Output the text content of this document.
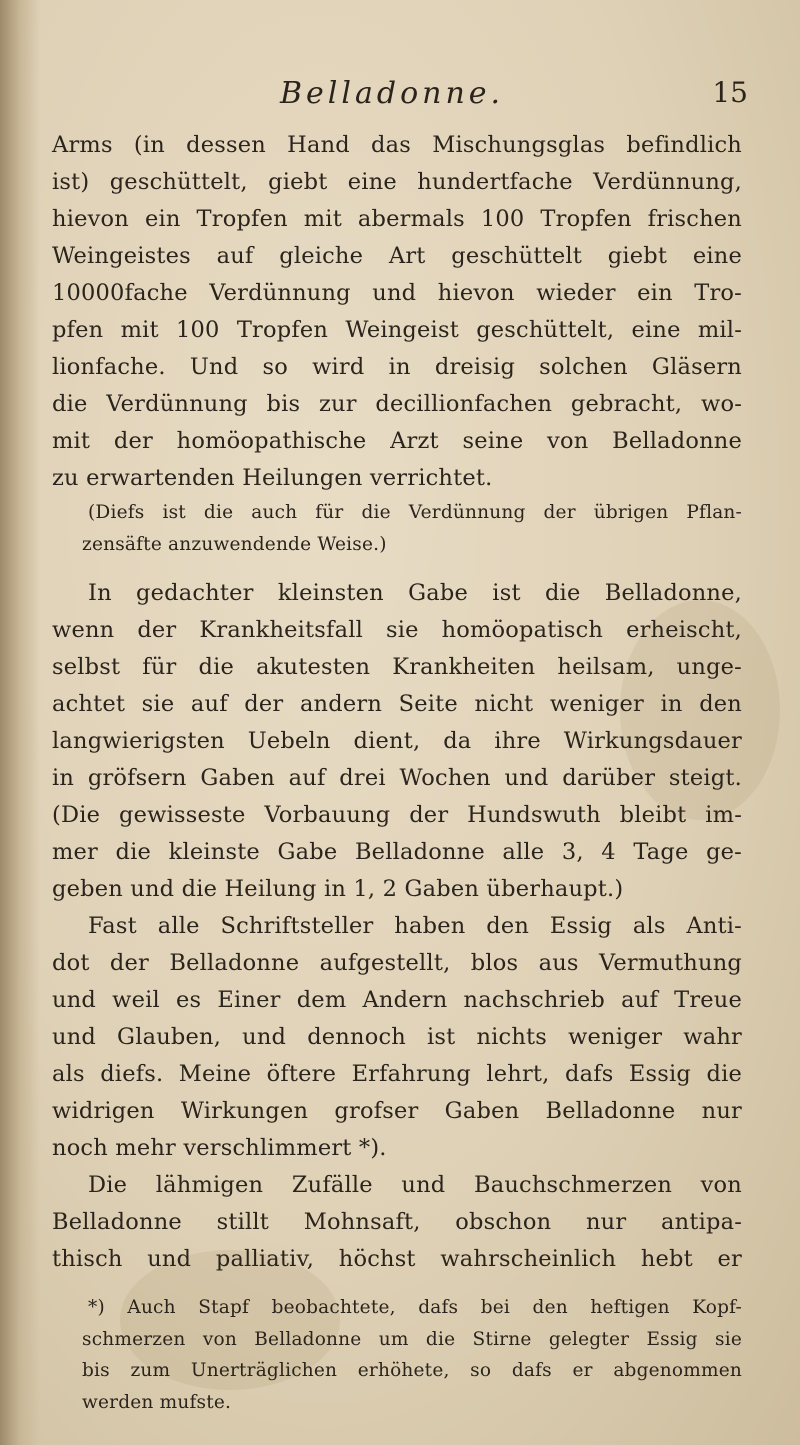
Belladonne.	15
Arms (in dessen Hand das Mischungsglas befindlich
ist) geschüttelt, giebt eine hundertfache Verdünnung,
hievon ein Tropfen mit abermals 100 Tropfen frischen
Weingeistes auf gleiche Art geschüttelt giebt eine
10000fache Verdünnung und hievon wieder ein Tro-
pfen mit 100 Tropfen Weingeist geschüttelt, eine mil-
lionfache. Und so wird in dreisig solchen Gläsern
die Verdünnung bis zur decillionfachen gebracht, wo-
mit der homöopathische Arzt seine von Belladonne
zu erwartenden Heilungen verrichtet.
(Diefs ist die auch für die Verdünnung der übrigen Pflan-
zensäfte anzuwendende Weise.)
In gedachter kleinsten Gabe ist die Belladonne,
wenn der Krankheitsfall sie homöopatisch erheischt,
selbst für die akutesten Krankheiten heilsam, unge-
achtet sie auf der andern Seite nicht weniger in den
langwierigsten Uebeln dient, da ihre Wirkungsdauer
in gröfsern Gaben auf drei Wochen und darüber steigt.
(Die gewisseste Vorbauung der Hundswuth bleibt im-
mer die kleinste Gabe Belladonne alle 3, 4 Tage ge-
geben und die Heilung in 1, 2 Gaben überhaupt.)
Fast alle Schriftsteller haben den Essig als Anti-
dot der Belladonne aufgestellt, blos aus Vermuthung
und weil es Einer dem Andern nachschrieb auf Treue
und Glauben, und dennoch ist nichts weniger wahr
als diefs. Meine öftere Erfahrung lehrt, dafs Essig die
widrigen Wirkungen grofser Gaben Belladonne nur
noch mehr verschlimmert *).
Die lähmigen Zufälle und Bauchschmerzen von
Belladonne stillt Mohnsaft, obschon nur antipa-
thisch und palliativ, höchst wahrscheinlich hebt er
*) Auch Stapf beobachtete, dafs bei den heftigen Kopf-
schmerzen von Belladonne um die Stirne gelegter Essig sie
bis zum Unerträglichen erhöhete, so dafs er abgenommen
werden mufste.
